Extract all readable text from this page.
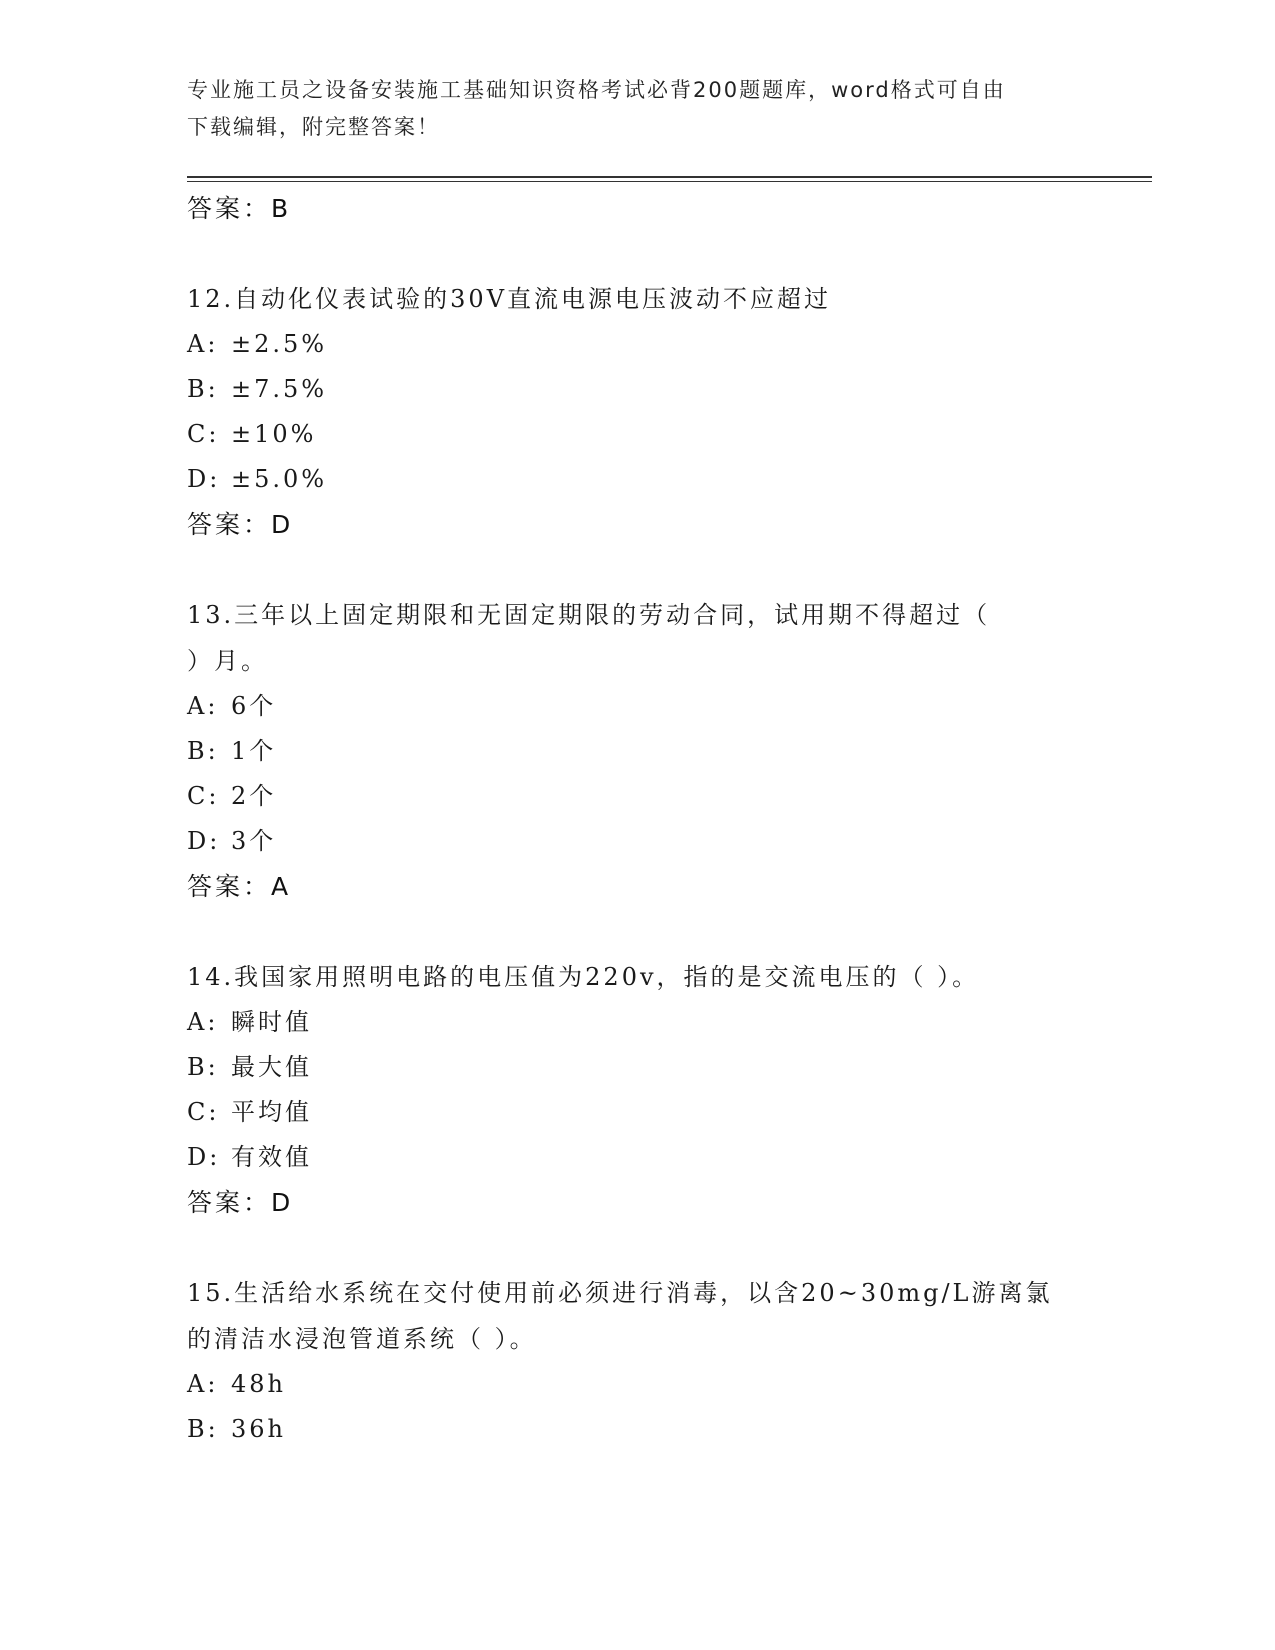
专业施工员之设备安装施工基础知识资格考试必背200题题库，word格式可自由
下载编辑，附完整答案！
答案：B
12.自动化仪表试验的30V直流电源电压波动不应超过
A: ±2.5%
B: ±7.5%
C: ±10%
D: ±5.0%
答案：D
13.三年以上固定期限和无固定期限的劳动合同，试用期不得超过（
）月。
A: 6个
B: 1个
C: 2个
D: 3个
答案：A
14.我国家用照明电路的电压值为220v，指的是交流电压的（ ）。
A: 瞬时值
B: 最大值
C: 平均值
D: 有效值
答案：D
15.生活给水系统在交付使用前必须进行消毒，以含20~30mg/L游离氯
的清洁水浸泡管道系统（ ）。
A: 48h
B: 36h
